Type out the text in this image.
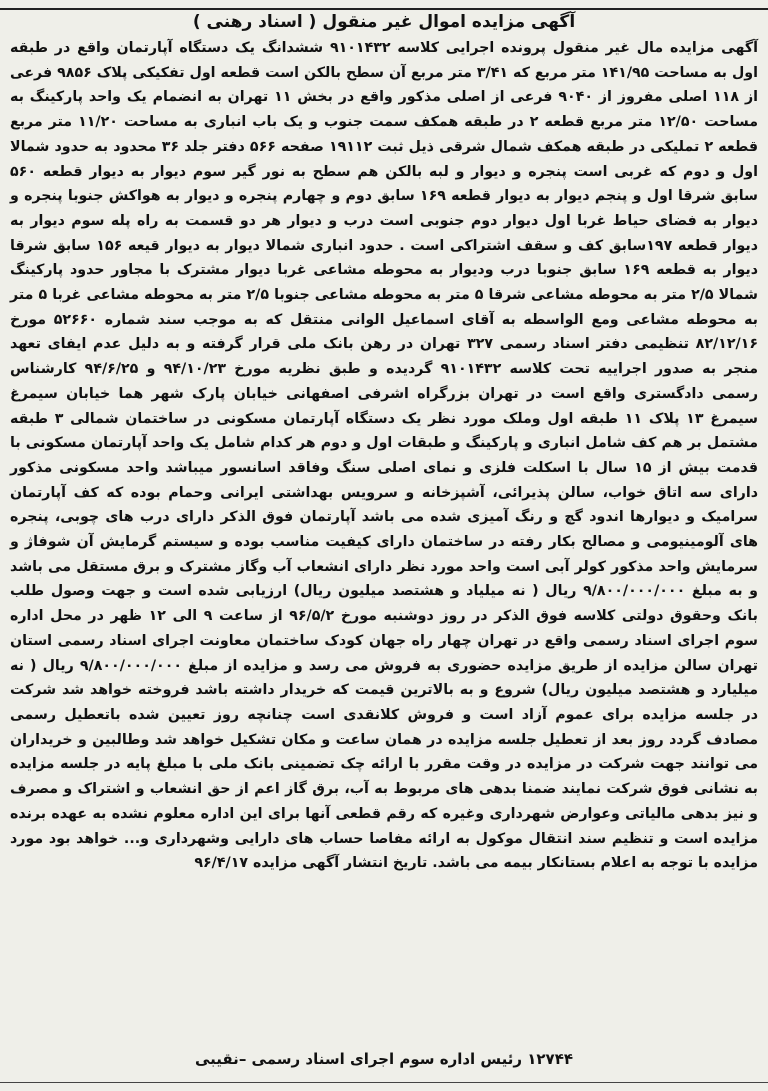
آگهی مزایده اموال غیر منقول ( اسناد رهنی )
آگهی مزایده مال غیر منقول پرونده اجرایی کلاسه ۹۱۰۱۴۳۲ ششدانگ یک دستگاه آپارتمان واقع در طبقه اول به مساحت ۱۴۱/۹۵ متر مربع که ۳/۴۱ متر مربع آن سطح بالکن است قطعه اول تفکیکی پلاک ۹۸۵۶ فرعی از ۱۱۸ اصلی مفروز از ۹۰۴۰ فرعی از اصلی مذکور واقع در بخش ۱۱ تهران به انضمام یک واحد پارکینگ به مساحت ۱۲/۵۰ متر مربع قطعه ۲ در طبقه همکف سمت جنوب و یک باب انباری به مساحت ۱۱/۲۰ متر مربع قطعه ۲ تملیکی در طبقه همکف شمال شرقی ذیل ثبت ۱۹۱۱۲ صفحه ۵۶۶ دفتر جلد ۳۶ محدود به حدود شمالا اول و دوم که غربی است پنجره و دیوار و لبه بالکن هم سطح به نور گیر سوم دیوار به دیوار قطعه ۵۶۰ سابق شرقا اول و پنجم دیوار به دیوار قطعه ۱۶۹ سابق دوم و چهارم پنجره و دیوار به هواکش جنوبا پنجره و دیوار به فضای حیاط غربا اول دیوار دوم جنوبی است درب و دیوار هر دو قسمت به راه پله سوم دیوار به دیوار قطعه ۱۹۷سابق کف و سقف اشتراکی است . حدود انباری شمالا دیوار به دیوار قیعه ۱۵۶ سابق شرقا دیوار به قطعه ۱۶۹ سابق جنوبا درب ودیوار به محوطه مشاعی غربا دیوار مشترک با مجاور حدود پارکینگ شمالا ۲/۵ متر به محوطه مشاعی شرقا ۵ متر به محوطه مشاعی جنوبا ۲/۵ متر به محوطه مشاعی غربا ۵ متر به محوطه مشاعی ومع الواسطه به آقای اسماعیل الوانی منتقل که به موجب سند شماره ۵۲۶۶۰ مورخ ۸۲/۱۲/۱۶ تنظیمی دفتر اسناد رسمی ۳۲۷ تهران در رهن بانک ملی قرار گرفته و به دلیل عدم ایفای تعهد منجر به صدور اجراییه تحت کلاسه ۹۱۰۱۴۳۲ گردیده و طبق نظریه مورخ ۹۴/۱۰/۲۳ و ۹۴/۶/۲۵ کارشناس رسمی دادگستری واقع است در تهران بزرگراه اشرفی اصفهانی خیابان پارک شهر هما خیابان سیمرغ سیمرغ ۱۳ پلاک ۱۱ طبقه اول وملک مورد نظر یک دستگاه آپارتمان مسکونی در ساختمان شمالی ۳ طبقه مشتمل بر هم کف شامل انباری و پارکینگ و طبقات اول و دوم هر کدام شامل یک واحد آپارتمان مسکونی با قدمت بیش از ۱۵ سال با اسکلت فلزی و نمای اصلی سنگ وفاقد اسانسور میباشد واحد مسکونی مذکور دارای سه اتاق خواب، سالن پذیرائی، آشپزخانه و سرویس بهداشتی ایرانی وحمام بوده که کف آپارتمان سرامیک و دیوارها اندود گچ و رنگ آمیزی شده می باشد آپارتمان فوق الذکر دارای درب های چوبی، پنجره های آلومینیومی و مصالح بکار رفته در ساختمان دارای کیفیت مناسب بوده و سیستم گرمایش آن شوفاژ و سرمایش واحد مذکور کولر آبی است واحد مورد نظر دارای انشعاب آب وگاز مشترک و برق مستقل می باشد و به مبلغ ۹/۸۰۰/۰۰۰/۰۰۰ ریال ( نه میلیاد و هشتصد میلیون ریال) ارزیابی شده است و جهت وصول طلب بانک وحقوق دولتی کلاسه فوق الذکر در روز دوشنبه مورخ ۹۶/۵/۲ از ساعت ۹ الی ۱۲ ظهر در محل اداره سوم اجرای اسناد رسمی واقع در تهران چهار راه جهان کودک ساختمان معاونت اجرای اسناد رسمی استان تهران سالن مزایده از طریق مزایده حضوری به فروش می رسد و مزایده از مبلغ ۹/۸۰۰/۰۰۰/۰۰۰ ریال ( نه میلیارد و هشتصد میلیون ریال) شروع و به بالاترین قیمت که خریدار داشته باشد فروخته خواهد شد شرکت در جلسه مزایده برای عموم آزاد است و فروش کلانقدی است چنانچه روز تعیین شده باتعطیل رسمی مصادف گردد روز بعد از تعطیل جلسه مزایده در همان ساعت و مکان تشکیل خواهد شد وطالبین و خریداران می توانند جهت شرکت در مزایده در وقت مقرر با ارائه چک تضمینی بانک ملی با مبلغ پایه در جلسه مزایده به نشانی فوق شرکت نمایند ضمنا بدهی های مربوط به آب، برق گاز اعم از حق انشعاب و اشتراک و مصرف و نیز بدهی مالیاتی وعوارض شهرداری وغیره که رقم قطعی آنها برای این اداره معلوم نشده به عهده برنده مزایده است و تنظیم سند انتقال موکول به ارائه مفاصا حساب های دارایی وشهرداری و... خواهد بود مورد مزایده با توجه به اعلام بستانکار بیمه می باشد. تاریخ انتشار آگهی مزایده ۹۶/۴/۱۷
۱۲۷۴۴ رئیس اداره سوم اجرای اسناد رسمی –نقیبی
